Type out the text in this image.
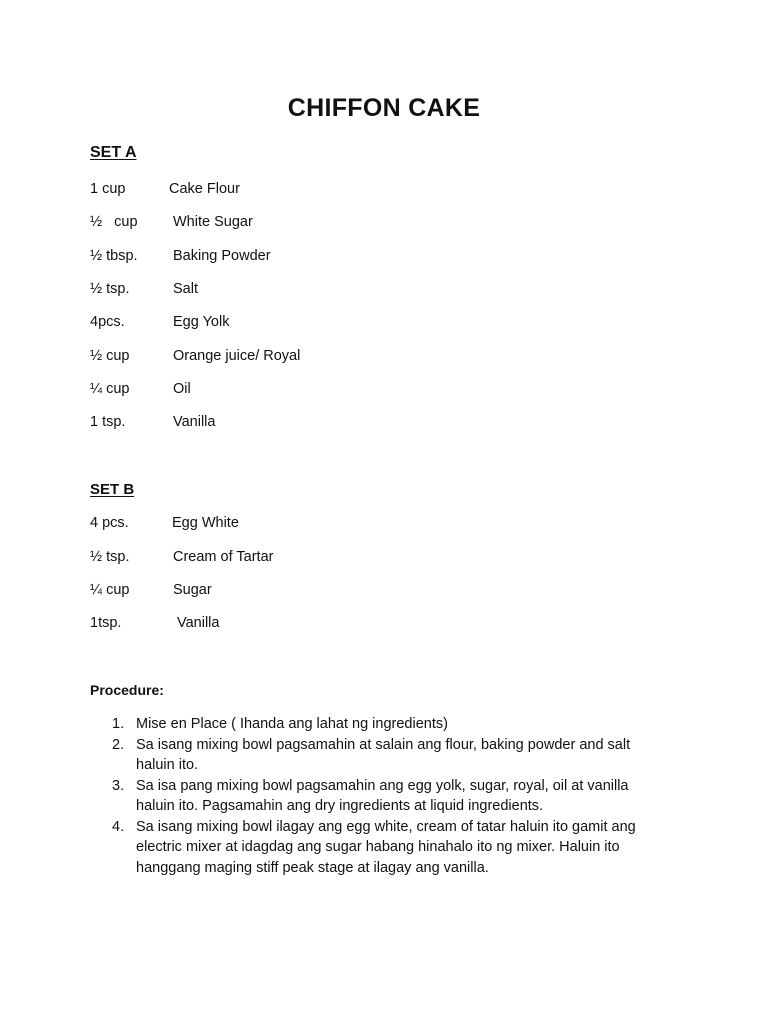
CHIFFON CAKE
SET A
1 cup	Cake Flour
½   cup White Sugar
½ tbsp. Baking Powder
½ tsp.	Salt
4pcs.	Egg Yolk
½ cup	Orange juice/ Royal
¼ cup	Oil
1 tsp.	Vanilla
SET B
4 pcs.	Egg White
½ tsp.	Cream of Tartar
¼ cup	Sugar
1tsp.	Vanilla
Procedure:
1. Mise en Place ( Ihanda ang lahat ng ingredients)
2. Sa isang mixing bowl pagsamahin at salain ang flour, baking powder and salt haluin ito.
3. Sa isa pang mixing bowl pagsamahin ang egg yolk, sugar, royal, oil at vanilla haluin ito. Pagsamahin ang dry ingredients at liquid ingredients.
4. Sa isang mixing bowl ilagay ang egg white, cream of tatar haluin ito gamit ang electric mixer at idagdag ang sugar habang hinahalo ito ng mixer. Haluin ito hanggang maging stiff peak stage at ilagay ang vanilla.
